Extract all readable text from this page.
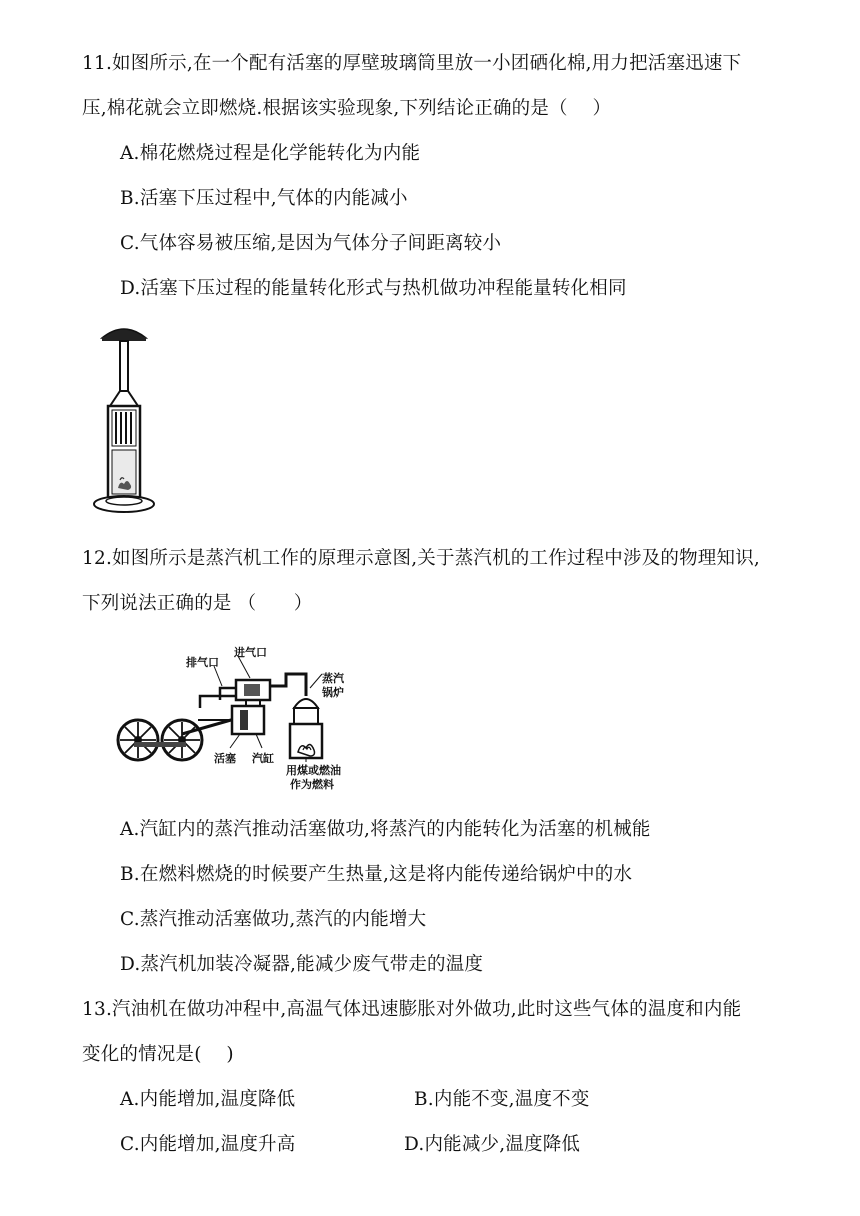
11.如图所示,在一个配有活塞的厚壁玻璃筒里放一小团硒化棉,用力把活塞迅速下
压,棉花就会立即燃烧.根据该实验现象,下列结论正确的是（　 ）
A.棉花燃烧过程是化学能转化为内能
B.活塞下压过程中,气体的内能减小
C.气体容易被压缩,是因为气体分子间距离较小
D.活塞下压过程的能量转化形式与热机做功冲程能量转化相同
12.如图所示是蒸汽机工作的原理示意图,关于蒸汽机的工作过程中涉及的物理知识,
下列说法正确的是 （　　）
排气口
进气口
蒸汽
锅炉
活塞 汽缸
用煤或燃油
作为燃料
A.汽缸内的蒸汽推动活塞做功,将蒸汽的内能转化为活塞的机械能
B.在燃料燃烧的时候要产生热量,这是将内能传递给锅炉中的水
C.蒸汽推动活塞做功,蒸汽的内能增大
D.蒸汽机加装冷凝器,能减少废气带走的温度
13.汽油机在做功冲程中,高温气体迅速膨胀对外做功,此时这些气体的温度和内能
变化的情况是(　 )
A.内能增加,温度降低	B.内能不变,温度不变
C.内能增加,温度升高	D.内能减少,温度降低
